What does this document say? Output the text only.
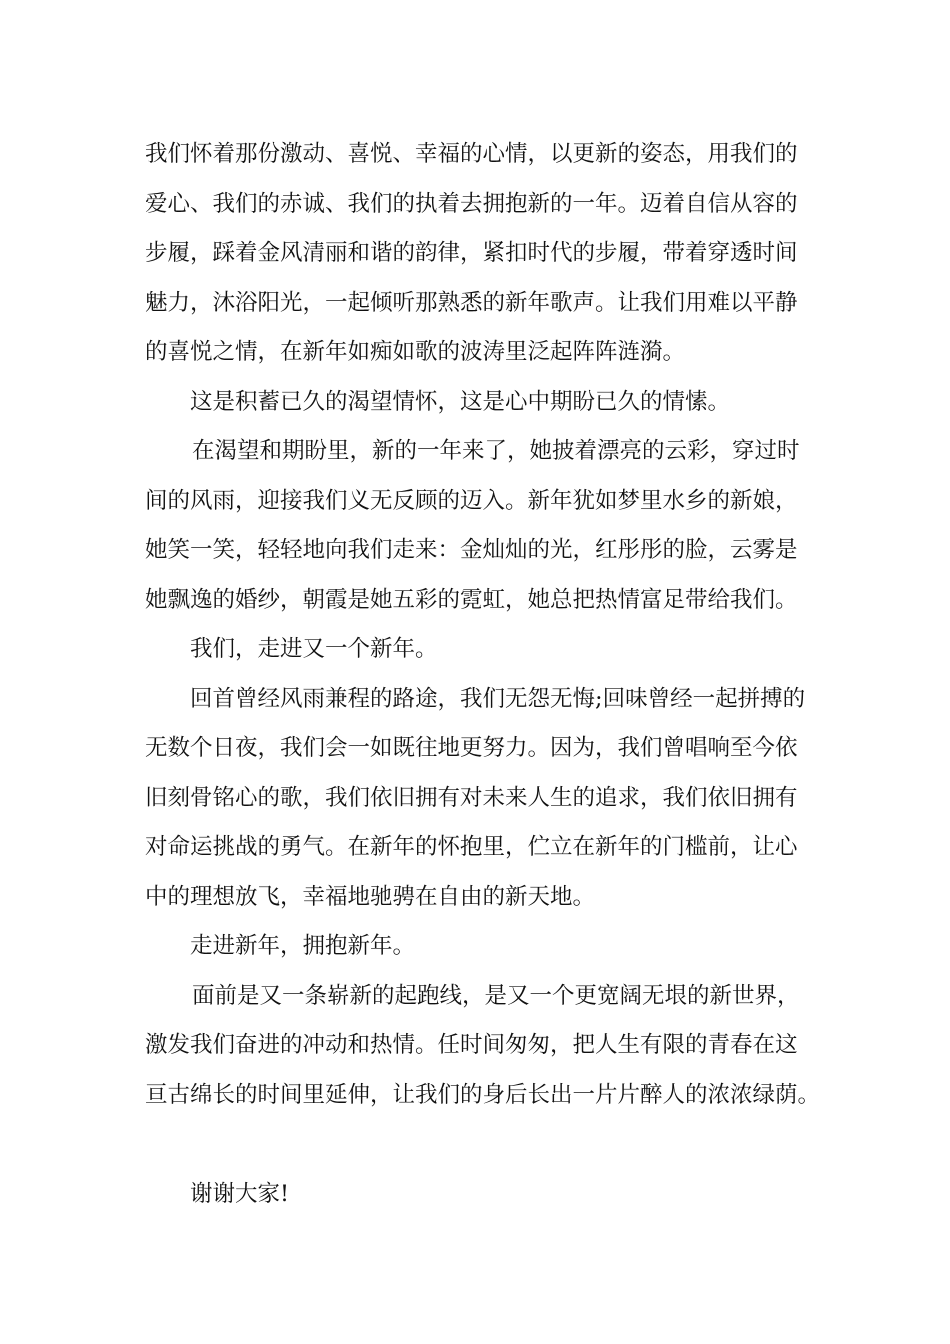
我们怀着那份激动、喜悦、幸福的心情，以更新的姿态，用我们的
爱心、我们的赤诚、我们的执着去拥抱新的一年。迈着自信从容的
步履，踩着金风清丽和谐的韵律，紧扣时代的步履，带着穿透时间
魅力，沐浴阳光，一起倾听那熟悉的新年歌声。让我们用难以平静
的喜悦之情，在新年如痴如歌的波涛里泛起阵阵涟漪。
这是积蓄已久的渴望情怀，这是心中期盼已久的情愫。
在渴望和期盼里，新的一年来了，她披着漂亮的云彩，穿过时
间的风雨，迎接我们义无反顾的迈入。新年犹如梦里水乡的新娘，
她笑一笑，轻轻地向我们走来：金灿灿的光，红彤彤的脸，云雾是
她飘逸的婚纱，朝霞是她五彩的霓虹，她总把热情富足带给我们。
我们，走进又一个新年。
回首曾经风雨兼程的路途，我们无怨无悔;回味曾经一起拼搏的
无数个日夜，我们会一如既往地更努力。因为，我们曾唱响至今依
旧刻骨铭心的歌，我们依旧拥有对未来人生的追求，我们依旧拥有
对命运挑战的勇气。在新年的怀抱里，伫立在新年的门槛前，让心
中的理想放飞，幸福地驰骋在自由的新天地。
走进新年，拥抱新年。
面前是又一条崭新的起跑线，是又一个更宽阔无垠的新世界，
激发我们奋进的冲动和热情。任时间匆匆，把人生有限的青春在这
亘古绵长的时间里延伸，让我们的身后长出一片片醉人的浓浓绿荫。
谢谢大家!
